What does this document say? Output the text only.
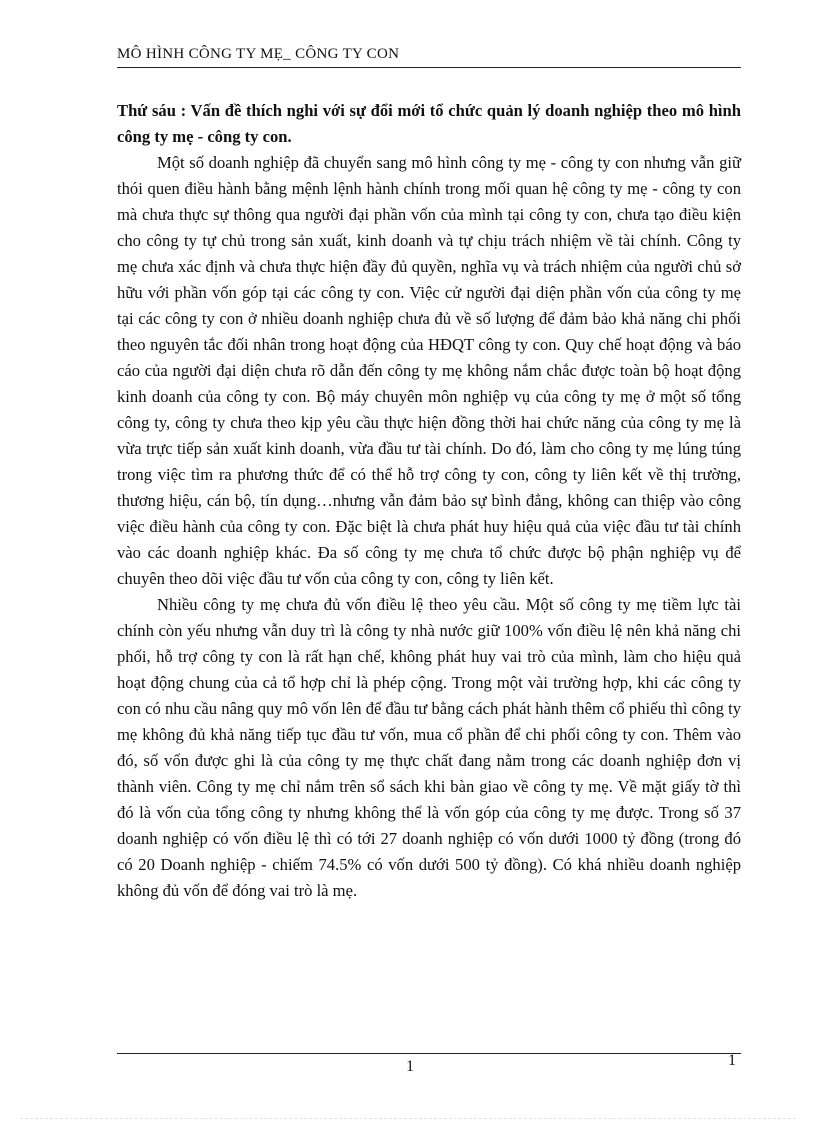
MÔ HÌNH CÔNG TY MẸ_ CÔNG TY CON

Thứ sáu : Vấn đề thích nghi với sự đổi mới tổ chức quản lý doanh nghiệp theo mô hình công ty mẹ - công ty con.

Một số doanh nghiệp đã chuyển sang mô hình công ty mẹ - công ty con nhưng vẫn giữ thói quen điều hành bằng mệnh lệnh hành chính trong mối quan hệ công ty mẹ - công ty con mà chưa thực sự thông qua người đại phần vốn của mình tại công ty con, chưa tạo điều kiện cho công ty tự chủ trong sản xuất, kinh doanh và tự chịu trách nhiệm về tài chính. Công ty mẹ chưa xác định và chưa thực hiện đầy đủ quyền, nghĩa vụ và trách nhiệm của người chủ sở hữu với phần vốn góp tại các công ty con. Việc cử người đại diện phần vốn của công ty mẹ tại các công ty con ở nhiều doanh nghiệp chưa đủ về số lượng để đảm bảo khả năng chi phối theo nguyên tắc đối nhân trong hoạt động của HĐQT công ty con. Quy chế hoạt động và báo cáo của người đại diện chưa rõ dẫn đến công ty mẹ không nắm chắc được toàn bộ hoạt động kinh doanh của công ty con. Bộ máy chuyên môn nghiệp vụ của công ty mẹ ở một số tổng công ty, công ty chưa theo kịp yêu cầu thực hiện đồng thời hai chức năng của công ty mẹ là vừa trực tiếp sản xuất kinh doanh, vừa đầu tư tài chính. Do đó, làm cho công ty mẹ lúng túng trong việc tìm ra phương thức để có thể hỗ trợ công ty con, công ty liên kết về thị trường, thương hiệu, cán bộ, tín dụng…nhưng vẫn đảm bảo sự bình đẳng, không can thiệp vào công việc điều hành của công ty con. Đặc biệt là chưa phát huy hiệu quả của việc đầu tư tài chính vào các doanh nghiệp khác. Đa số công ty mẹ chưa tổ chức được bộ phận nghiệp vụ để chuyên theo dõi việc đầu tư vốn của công ty con, công ty liên kết.

Nhiều công ty mẹ chưa đủ vốn điều lệ theo yêu cầu. Một số công ty mẹ tiềm lực tài chính còn yếu nhưng vẫn duy trì là công ty nhà nước giữ 100% vốn điều lệ nên khả năng chi phối, hỗ trợ công ty con là rất hạn chế, không phát huy vai trò của mình, làm cho hiệu quả hoạt động chung của cả tổ hợp chỉ là phép cộng. Trong một vài trường hợp, khi các công ty con có nhu cầu nâng quy mô vốn lên để đầu tư bằng cách phát hành thêm cổ phiếu thì công ty mẹ không đủ khả năng tiếp tục đầu tư vốn, mua cổ phần để chi phối công ty con. Thêm vào đó, số vốn được ghi là của công ty mẹ thực chất đang nằm trong các doanh nghiệp đơn vị thành viên. Công ty mẹ chỉ nắm trên sổ sách khi bàn giao về công ty mẹ. Về mặt giấy tờ thì đó là vốn của tổng công ty nhưng không thể là vốn góp của công ty mẹ được. Trong số 37 doanh nghiệp có vốn điều lệ thì có tới 27 doanh nghiệp có vốn dưới 1000 tỷ đồng (trong đó có 20 Doanh nghiệp - chiếm 74.5% có vốn dưới 500 tỷ đồng). Có khá nhiều doanh nghiệp không đủ vốn để đóng vai trò là mẹ.

1	1
